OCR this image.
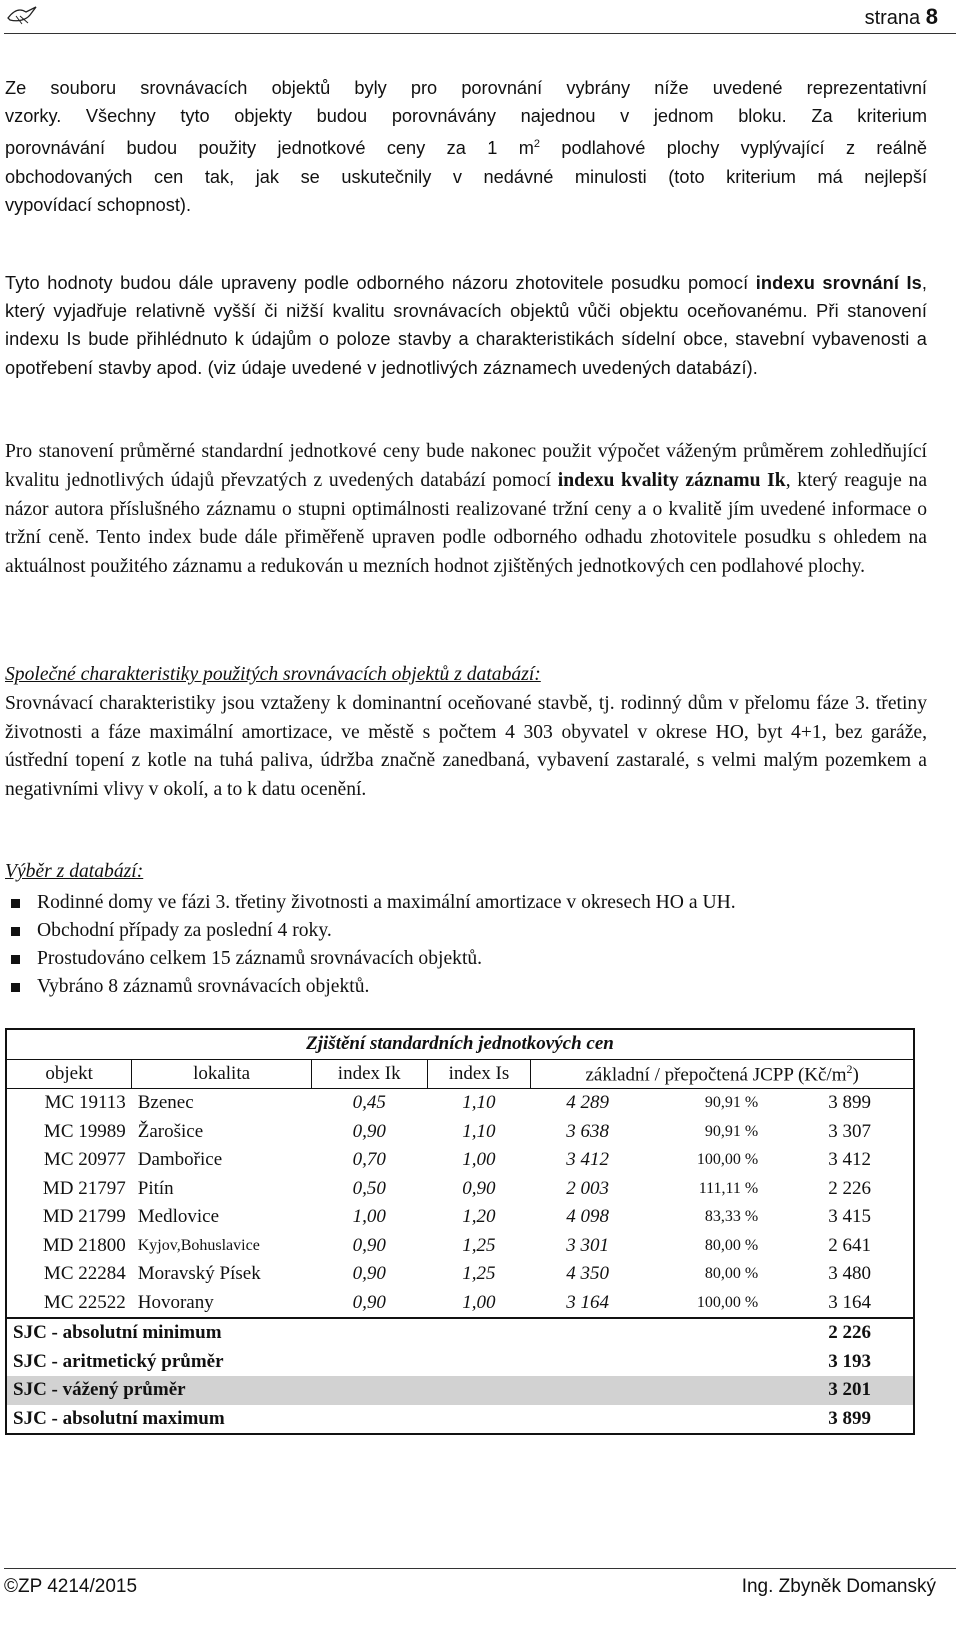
strana 8

Ze souboru srovnávacích objektů byly pro porovnání vybrány níže uvedené reprezentativní

vzorky. Všechny tyto objekty budou porovnávány najednou v jednom bloku. Za kriterium

porovnávání budou použity jednotkové ceny za 1 $m^2$ podlahové plochy vyplývající z reálně

obchodovaných cen tak, jak se uskutečnily v nedávné minulosti (toto kriterium má nejlepší

vypovídací schopnost).

Tyto hodnoty budou dále upraveny podle odborného názoru zhotovitele posudku pomocí indexu srovnání Is, který vyjadřuje relativně vyšší či nižší kvalitu srovnávacích objektů vůči objektu oceňovanému. Při stanovení indexu Is bude přihlédnuto k údajům o poloze stavby a charakteristikách sídelní obce, stavební vybavenosti a opotřebení stavby apod. (viz údaje uvedené v jednotlivých záznamech uvedených databází).

Pro stanovení průměrné standardní jednotkové ceny bude nakonec použit výpočet váženým průměrem zohledňující kvalitu jednotlivých údajů převzatých z uvedených databází pomocí indexu kvality záznamu Ik, který reaguje na názor autora příslušného záznamu o stupni optimálnosti realizované tržní ceny a o kvalitě jím uvedené informace o tržní ceně. Tento index bude dále přiměřeně upraven podle odborného odhadu zhotovitele posudku s ohledem na aktuálnost použitého záznamu a redukován u mezních hodnot zjištěných jednotkových cen podlahové plochy.

Společné charakteristiky použitých srovnávacích objektů z databází:

Srovnávací charakteristiky jsou vztaženy k dominantní oceňované stavbě, tj. rodinný dům v přelomu fáze 3. třetiny životnosti a fáze maximální amortizace, ve městě s počtem 4 303 obyvatel v okrese HO, byt 4+1, bez garáže, ústřední topení z kotle na tuhá paliva, údržba značně zanedbaná, vybavení zastaralé, s velmi malým pozemkem a negativními vlivy v okolí, a to k datu ocenění.

Výběr z databází:

Rodinné domy ve fázi 3. třetiny životnosti a maximální amortizace v okresech HO a UH.
Obchodní případy za poslední 4 roky.
Prostudováno celkem 15 záznamů srovnávacích objektů.
Vybráno 8 záznamů srovnávacích objektů.
Zjištění standardních jednotkových cen						
objekt	lokalita	index Ik	index Is	základní / přepočtená JCPP $(Kč/m^2)$		
MC 19113	Bzenec	0,45	1,10	4 289	90,91 %	3 899
MC 19989	Žarošice	0,90	1,10	3 638	90,91 %	3 307
MC 20977	Dambořice	0,70	1,00	3 412	100,00 %	3 412
MD 21797	Pitín	0,50	0,90	2 003	111,11 %	2 226
MD 21799	Medlovice	1,00	1,20	4 098	83,33 %	3 415
MD 21800	Kyjov,Bohuslavice	0,90	1,25	3 301	80,00 %	2 641
MC 22284	Moravský Písek	0,90	1,25	4 350	80,00 %	3 480
MC 22522	Hovorany	0,90	1,00	3 164	100,00 %	3 164
SJC - absolutní minimum						2 226
SJC - aritmetický průměr						3 193
SJC - vážený průměr						3 201
SJC - absolutní maximum						3 899
©ZP 4214/2015	Ing. Zbyněk Domanský
